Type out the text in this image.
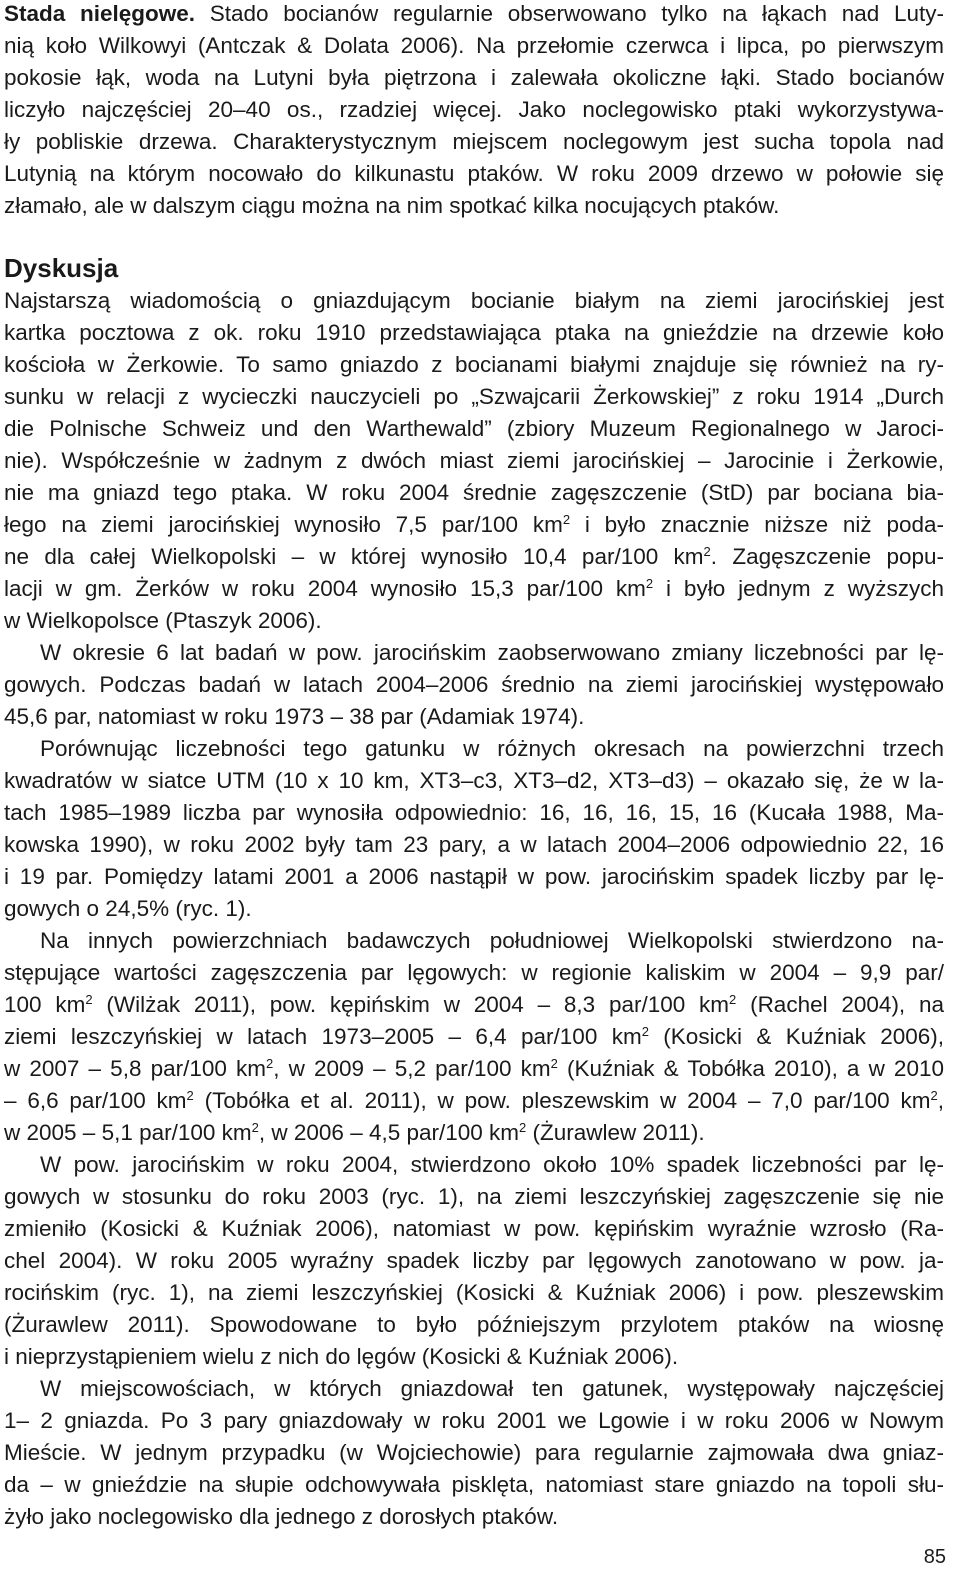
Stada nielęgowe. Stado bocianów regularnie obserwowano tylko na łąkach nad Luty-
nią koło Wilkowyi (Antczak & Dolata 2006). Na przełomie czerwca i lipca, po pierwszym
pokosie łąk, woda na Lutyni była piętrzona i zalewała okoliczne łąki. Stado bocianów
liczyło najczęściej 20–40 os., rzadziej więcej. Jako noclegowisko ptaki wykorzystywa-
ły pobliskie drzewa. Charakterystycznym miejscem noclegowym jest sucha topola nad
Lutynią na którym nocowało do kilkunastu ptaków. W roku 2009 drzewo w połowie się
złamało, ale w dalszym ciągu można na nim spotkać kilka nocujących ptaków.
Dyskusja
Najstarszą wiadomością o gniazdującym bocianie białym na ziemi jarocińskiej jest
kartka pocztowa z ok. roku 1910 przedstawiająca ptaka na gnieździe na drzewie koło
kościoła w Żerkowie. To samo gniazdo z bocianami białymi znajduje się również na ry-
sunku w relacji z wycieczki nauczycieli po „Szwajcarii Żerkowskiej” z roku 1914 „Durch
die Polnische Schweiz und den Warthewald” (zbiory Muzeum Regionalnego w Jaroci-
nie). Współcześnie w żadnym z dwóch miast ziemi jarocińskiej – Jarocinie i Żerkowie,
nie ma gniazd tego ptaka. W roku 2004 średnie zagęszczenie (StD) par bociana bia-
łego na ziemi jarocińskiej wynosiło 7,5 par/100 $km^2$ i było znacznie niższe niż poda-
ne dla całej Wielkopolski – w której wynosiło 10,4 par/100 $km^2$. Zagęszczenie popu-
lacji w gm. Żerków w roku 2004 wynosiło 15,3 par/100 $km^2$ i było jednym z wyższych
w Wielkopolsce (Ptaszyk 2006).
W okresie 6 lat badań w pow. jarocińskim zaobserwowano zmiany liczebności par lę-
gowych. Podczas badań w latach 2004–2006 średnio na ziemi jarocińskiej występowało
45,6 par, natomiast w roku 1973 – 38 par (Adamiak 1974).
Porównując liczebności tego gatunku w różnych okresach na powierzchni trzech
kwadratów w siatce UTM (10 x 10 km, XT3–c3, XT3–d2, XT3–d3) – okazało się, że w la-
tach 1985–1989 liczba par wynosiła odpowiednio: 16, 16, 16, 15, 16 (Kucała 1988, Ma-
kowska 1990), w roku 2002 były tam 23 pary, a w latach 2004–2006 odpowiednio 22, 16
i 19 par. Pomiędzy latami 2001 a 2006 nastąpił w pow. jarocińskim spadek liczby par lę-
gowych o 24,5% (ryc. 1).
Na innych powierzchniach badawczych południowej Wielkopolski stwierdzono na-
stępujące wartości zagęszczenia par lęgowych: w regionie kaliskim w 2004 – 9,9 par/
100 $km^2$ (Wilżak 2011), pow. kępińskim w 2004 – 8,3 par/100 $km^2$ (Rachel 2004), na
ziemi leszczyńskiej w latach 1973–2005 – 6,4 par/100 $km^2$ (Kosicki & Kuźniak 2006),
w 2007 – 5,8 par/100 $km^2$, w 2009 – 5,2 par/100 $km^2$ (Kuźniak & Tobółka 2010), a w 2010
– 6,6 par/100 $km^2$ (Tobółka et al. 2011), w pow. pleszewskim w 2004 – 7,0 par/100 $km^2$,
w 2005 – 5,1 par/100 $km^2$, w 2006 – 4,5 par/100 $km^2$ (Żurawlew 2011).
W pow. jarocińskim w roku 2004, stwierdzono około 10% spadek liczebności par lę-
gowych w stosunku do roku 2003 (ryc. 1), na ziemi leszczyńskiej zagęszczenie się nie
zmieniło (Kosicki & Kuźniak 2006), natomiast w pow. kępińskim wyraźnie wzrosło (Ra-
chel 2004). W roku 2005 wyraźny spadek liczby par lęgowych zanotowano w pow. ja-
rocińskim (ryc. 1), na ziemi leszczyńskiej (Kosicki & Kuźniak 2006) i pow. pleszewskim
(Żurawlew 2011). Spowodowane to było późniejszym przylotem ptaków na wiosnę
i nieprzystąpieniem wielu z nich do lęgów (Kosicki & Kuźniak 2006).
W miejscowościach, w których gniazdował ten gatunek, występowały najczęściej
1– 2 gniazda. Po 3 pary gniazdowały w roku 2001 we Lgowie i w roku 2006 w Nowym
Mieście. W jednym przypadku (w Wojciechowie) para regularnie zajmowała dwa gniaz-
da – w gnieździe na słupie odchowywała pisklęta, natomiast stare gniazdo na topoli słu-
żyło jako noclegowisko dla jednego z dorosłych ptaków.
85
